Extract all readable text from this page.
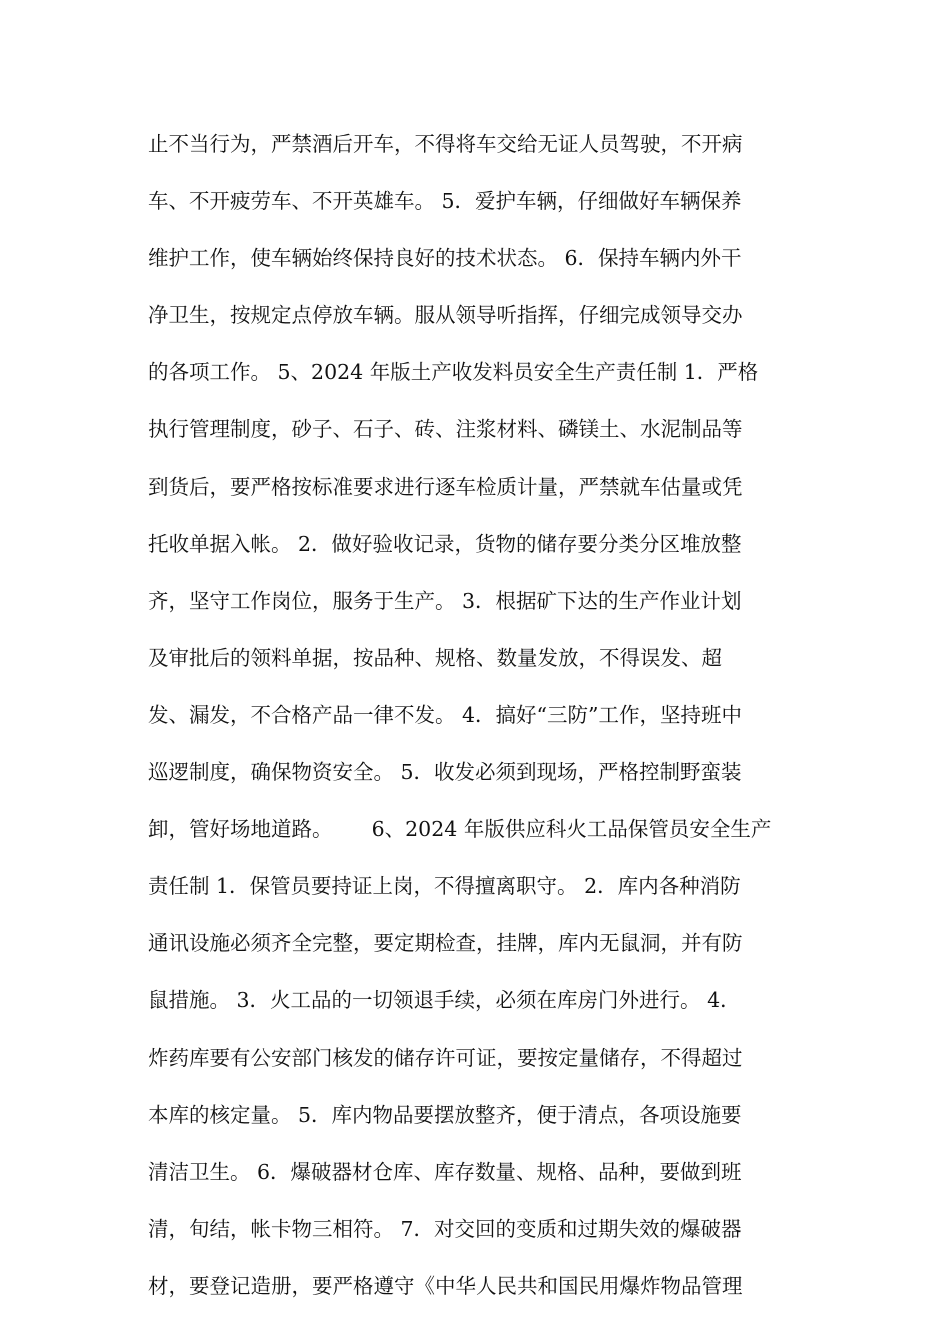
止不当行为，严禁酒后开车，不得将车交给无证人员驾驶，不开病
车、不开疲劳车、不开英雄车。 5．爱护车辆，仔细做好车辆保养
维护工作，使车辆始终保持良好的技术状态。 6．保持车辆内外干
净卫生，按规定点停放车辆。服从领导听指挥，仔细完成领导交办
的各项工作。 5、2024 年版土产收发料员安全生产责任制 1．严格
执行管理制度，砂子、石子、砖、注浆材料、磷镁土、水泥制品等
到货后，要严格按标准要求进行逐车检质计量，严禁就车估量或凭
托收单据入帐。 2．做好验收记录，货物的储存要分类分区堆放整
齐，坚守工作岗位，服务于生产。 3．根据矿下达的生产作业计划
及审批后的领料单据，按品种、规格、数量发放，不得误发、超
发、漏发，不合格产品一律不发。 4．搞好“三防”工作，坚持班中
巡逻制度，确保物资安全。 5．收发必须到现场，严格控制野蛮装
卸，管好场地道路。      6、2024 年版供应科火工品保管员安全生产
责任制 1．保管员要持证上岗，不得擅离职守。 2．库内各种消防
通讯设施必须齐全完整，要定期检查，挂牌，库内无鼠洞，并有防
鼠措施。 3．火工品的一切领退手续，必须在库房门外进行。 4．
炸药库要有公安部门核发的储存许可证，要按定量储存，不得超过
本库的核定量。 5．库内物品要摆放整齐，便于清点，各项设施要
清洁卫生。 6．爆破器材仓库、库存数量、规格、品种，要做到班
清，旬结，帐卡物三相符。 7．对交回的变质和过期失效的爆破器
材，要登记造册，要严格遵守《中华人民共和国民用爆炸物品管理
